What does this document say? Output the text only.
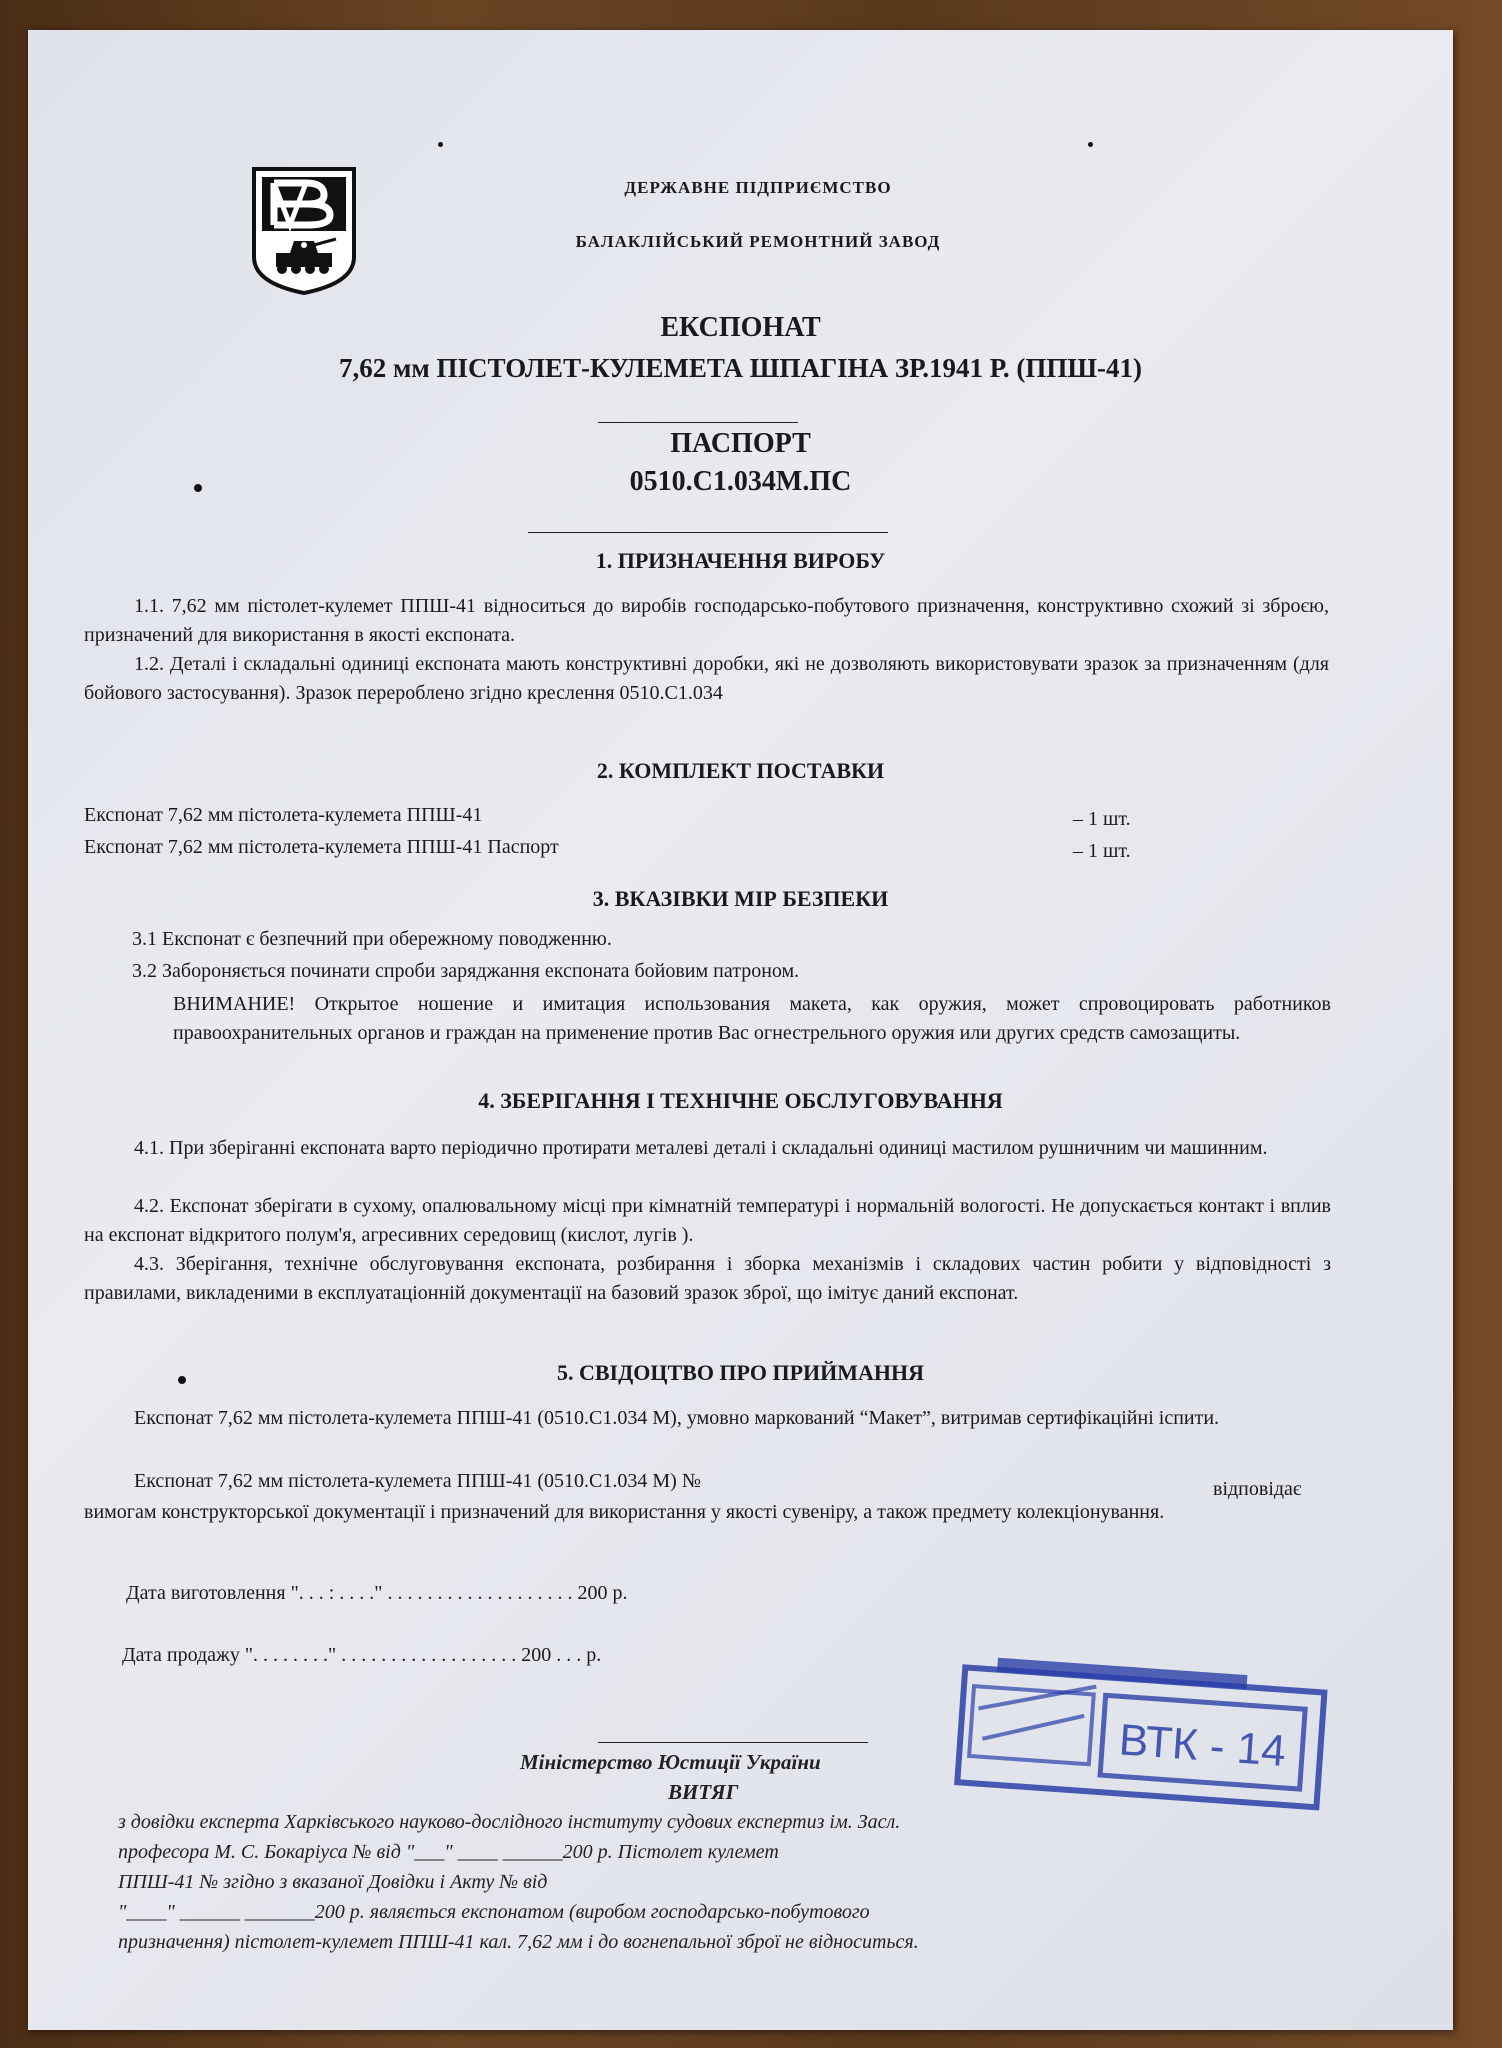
ДЕРЖАВНЕ ПІДПРИЄМСТВО
БАЛАКЛІЙСЬКИЙ РЕМОНТНИЙ ЗАВОД
ЕКСПОНАТ
7,62 мм ПІСТОЛЕТ-КУЛЕМЕТА ШПАГІНА ЗР.1941 Р. (ППШ-41)
ПАСПОРТ
0510.С1.034М.ПС
1. ПРИЗНАЧЕННЯ ВИРОБУ
1.1. 7,62 мм пістолет-кулемет ППШ-41 відноситься до виробів господарсько-побутового призначення, конструктивно схожий зі зброєю, призначений для використання в якості експоната.
1.2. Деталі і складальні одиниці експоната мають конструктивні доробки, які не дозволяють використовувати зразок за призначенням (для бойового застосування). Зразок перероблено згідно креслення 0510.С1.034
2. КОМПЛЕКТ ПОСТАВКИ
Експонат 7,62 мм пістолета-кулемета ППШ-41	– 1 шт.
Експонат 7,62 мм пістолета-кулемета ППШ-41 Паспорт	– 1 шт.
3. ВКАЗІВКИ МІР БЕЗПЕКИ
3.1 Експонат є безпечний при обережному поводженню.
3.2 Забороняється починати спроби заряджання експоната бойовим патроном.
ВНИМАНИЕ! Открытое ношение и имитация использования макета, как оружия, может спровоцировать работников правоохранительных органов и граждан на применение против Вас огнестрельного оружия или других средств самозащиты.
4. ЗБЕРІГАННЯ І ТЕХНІЧНЕ ОБСЛУГОВУВАННЯ
4.1. При зберіганні експоната варто періодично протирати металеві деталі і складальні одиниці мастилом рушничним чи машинним.
4.2. Експонат зберігати в сухому, опалювальному місці при кімнатній температурі і нормальній вологості. Не допускається контакт і вплив на експонат відкритого полум'я, агресивних середовищ (кислот, лугів ).
4.3. Зберігання, технічне обслуговування експоната, розбирання і зборка механізмів і складових частин робити у відповідності з правилами, викладеними в експлуатаціонній документації на базовий зразок зброї, що імітує даний експонат.
5. СВІДОЦТВО ПРО ПРИЙМАННЯ
Експонат 7,62 мм пістолета-кулемета ППШ-41 (0510.С1.034 М), умовно маркований “Макет”, витримав сертифікаційні іспити.
Експонат 7,62 мм пістолета-кулемета ППШ-41 (0510.С1.034 М) №	відповідає
вимогам конструкторської документації і призначений для використання у якості сувеніру, а також предмету колекціонування.
Дата виготовлення ". . . : . . . ." . . . . . . . . . . . . . . . . . . . 200 р.
Дата продажу ". . . . . . . ." . . . . . . . . . . . . . . . . . . 200 . . . р.
ВТК - 14
Міністерство Юстиції України
ВИТЯГ
з довідки експерта Харківського науково-дослідного інституту судових експертиз ім. Засл.
професора М. С. Бокаріуса № від "___" ____ ______200 р. Пістолет кулемет
ППШ-41 № згідно з вказаної Довідки і Акту № від
"____" ______ _______200 р. являється експонатом (виробом господарсько-побутового
призначення) пістолет-кулемет ППШ-41 кал. 7,62 мм і до вогнепальної зброї не відноситься.
